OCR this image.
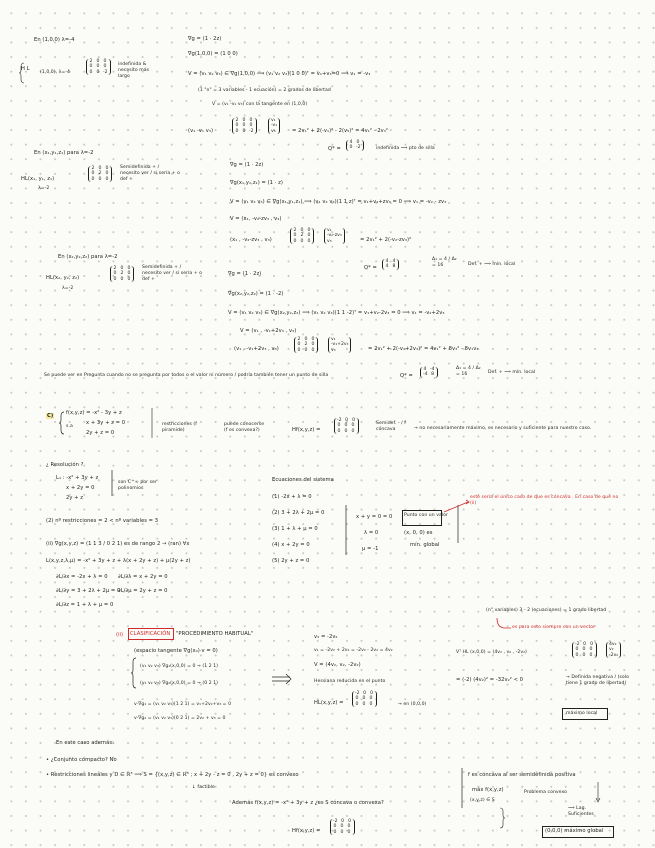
En (1,0,0) λ=-4
H L
(1,0,0), λ=-4
2 0 0
0 0 0
0 0 -2
indefinida & necesito más largo
∇g = (1 · 2z)
∇g(1,0,0) = (1 0 0)
V = (v₁ v₂ v₃) ∈ ∇g(1,0,0) ⟹ (v₁ v₂ v₃)(1 0 0)ᵀ = v₁+v₃=0 ⟹ v₁ = -v₃
(1 "n" = 3 variables - 1 ecuación) = 2 grados de libertad
V = (v₁ -v₁ v₃) con la tangente en (1,0,0)
(v₁ -v₁ v₃)
2 0 0
0 0 0
0 0 -2
v₁
-v₁
v₃	= 2v₁² + 2(-v₁)² - 2(v₃)² = 4v₁² - 2v₃²
Q* =
4 0
0 -2	indefinida ⟹ pto de silla
En (x₁,y₁,z₁) para λ=-2
HL(x₁, y₁, z₁)
λ=-2
2 0 0
0 2 0
0 0 0
Semidefinida + / necesito ver / si sería + o def +
∇g = (1 · 2z)
∇g(x₁,y₁,z₁) = (1 · z)
V = (v₁ v₂ v₃) ∈ ∇g(x₁,y₁,z₁) ⟹ (v₁ v₂ v₃)(1 1 z)ᵀ = v₁+v₂+zv₃ = 0 ⟹ v₁ = -v₂ - zv₃
V = (x₁, -v₂-zv₃ , v₃)
(x₁ , -v₂-zv₃ , v₃)
2 0 0
0 2 0
0 0 0
v₁
-v₂-zv₃
v₃	= 2v₁² + 2(-v₂-zv₃)²
En (x₂,y₂,z₂) para λ=-2
HL(x₂, y₂, z₂)
λ=-2
2 0 0
0 2 0
0 0 0
Semidefinida + / necesito ver / si sería + o def +
∇g = (1 · 2z)
∇g(x₂,y₂,z₂) = (1 · -2)
V = (v₁ v₂ v₃) ∈ ∇g(x₂,y₂,z₂) ⟹ (v₁ v₂ v₃)(1 1 -2)ᵀ = v₁+v₂-2v₃ = 0 ⟹ v₁ = -v₂+2v₃
V = (v₁ , -v₁+2v₃ , v₃)
(v₁ , -v₁+2v₃ , v₃)
2 0 0
0 2 0
0 0 0
v₁
-v₁+2v₃
v₃	= 2v₁² + 2(-v₁+2v₃)² = 4v₁² + 8v₃² - 8v₁v₃
Q* =
4 4
4 8
Δ₁ = 4 / Δ₂ = 16	Def. + ⟹ mín. local
Q* =
4 -4
-4 8
Δ₁ = 4 / Δ₂ = 16	Def. + ⟹ mín. local
Se puede ver en Pregunta cuando no se pregunta por todos o el valor ni número / podría también tener un punto de silla
C) f(x,y,z) = -x² - 3y + z
s.a
x + 3y + z = 0
2y + z = 0
restricciones (f piramide)
puede conocerse (f es convexa?)	Hf(x,y,z) =
-2 0 0
0 0 0
0 0 0
Semidef. - / f cóncava	→ no necesariamente máximo, es necesario y suficiente para nuestro caso.
¿ Resolución ?
L₁ : -x² + 3y + z
x + 2y = 0
2y + z
son C^∞ por ser polinomios
(2) nº restricciones = 2 < nº variables = 3
(ii) ∇g(x,y,z) = (1 1 3 / 0 2 1) es de rango 2 → (ran) ∀x
L(x,y,z,λ,μ) = -x² + 3y + z + λ(x + 2y + z) + μ(2y + z)
∂L/∂x = -2x + λ = 0
∂L/∂y = 3 + 2λ + 2μ = 0
∂L/∂z = 1 + λ + μ = 0
∂L/∂λ = x + 2y = 0
∂L/∂μ = 2y + z = 0
Ecuaciones del sistema
(1) -2x + λ = 0
(2) 3 + 2λ + 2μ = 0
(3) 1 + λ + μ = 0
(4) x + 2y = 0
(5) 2y + z = 0
x + y = 0 = 0
λ = 0
μ = -1
Punto con un valor
(x, 0, 0) es
mín. global
este sería el único caso de que es cóncava . En caso de que no (ii)
(ii) CLASIFICACIÓN "PROCEDIMIENTO HABITUAL"
(espacio tangente ∇g(x₀)·v = 0)
(v₁ v₂ v₃) ∇g₁(x,0,0) = 0 → (1 2 1)
(v₁ v₂ v₃) ∇g₂(x,0,0) = 0 → (0 2 1)
v·∇g₁ = (v₁ v₂ v₃)(1 2 1) = v₁+2v₂+v₃ = 0
v·∇g₂ = (v₁ v₂ v₃)(0 2 1) = 2v₂ + v₃ = 0
v₃ = -2v₂
v₁ = -2v₂ + 2v₂ = -2v₂ - 2v₂ = 4v₂
V = (4v₂, v₂, -2v₂)
Hessiana reducida en el punto
HL(x,y,z) =
-2 0 0
0 0 0
0 0 0	→ en (0,0,0)
(n° variables) 3 - 2 (ecuaciones) = 1 grado libertad
es para esto siempre con un vector
Vᵀ HL (x,0,0) = (4v₂ , v₂ , -2v₂)
-2 0 0
0 0 0
0 0 0
4v₂
v₂
-2v₂
= (-2) (4v₂)² = -32v₂² < 0	→ Definida negativa / (solo tiene 1 grado de libertad)
máximo local
En este caso además:
• ¿Conjunto compacto? No
• Restricciones lineales y D ∈ ℝ³ ⟹ S = {(x,y,z) ∈ ℝ³ ; x + 2y - z = 0 , 2y + z = 0} es convexo
↓ factible
Además f(x,y,z) = -x² + 3y + z ¿es S cóncava o convexa?
Hf(x,y,z) =
-2 0 0
0 0 0
0 0 0
f es cóncava al ser semidefinida positiva
máx f(x,y,z)
(x,y,z) ∈ S
Problema convexo
⟹ Lag. Suficientes
(0,0,0) máximo global
